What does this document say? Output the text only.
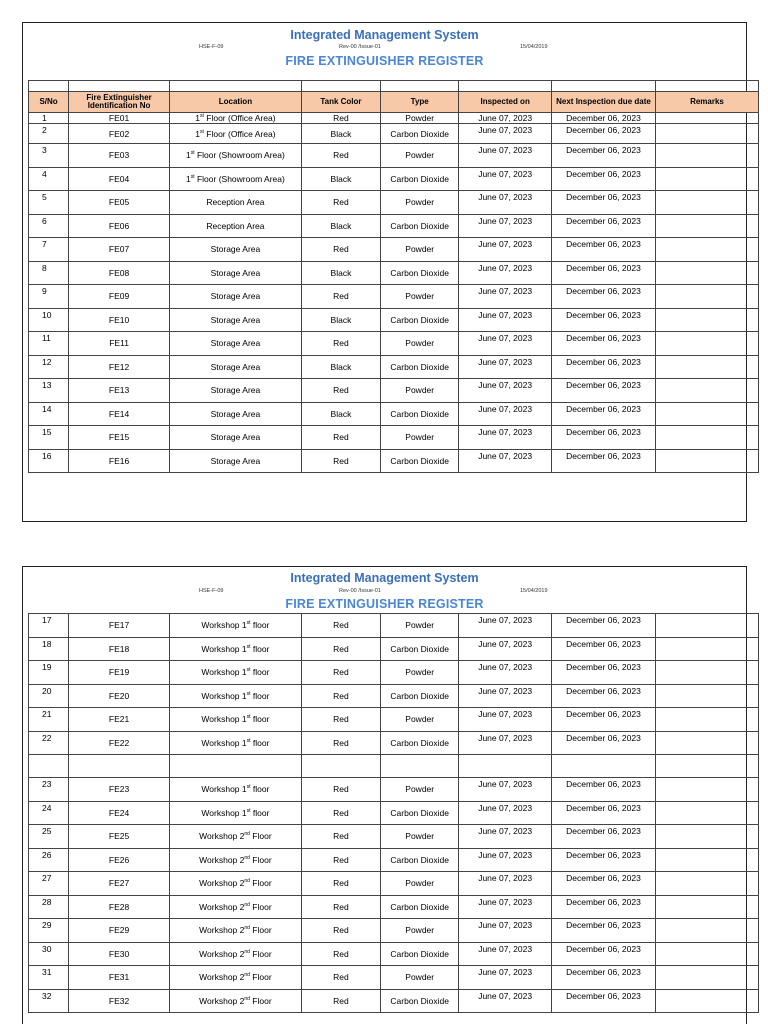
Integrated Management System
HSE-F-09	Rev-00 /Issue-01	15/04/2019
FIRE EXTINGUISHER REGISTER

S/No	Fire Extinguisher Identification No	Location	Tank Color	Type	Inspected on	Next Inspection due date	Remarks
1	FE01	1st Floor (Office Area)	Red	Powder	June 07, 2023	December 06, 2023	
2	FE02	1st Floor (Office Area)	Black	Carbon Dioxide	June 07, 2023	December 06, 2023	
3	FE03	1st Floor (Showroom Area)	Red	Powder	June 07, 2023	December 06, 2023	
4	FE04	1st Floor (Showroom Area)	Black	Carbon Dioxide	June 07, 2023	December 06, 2023	
5	FE05	Reception Area	Red	Powder	June 07, 2023	December 06, 2023	
6	FE06	Reception Area	Black	Carbon Dioxide	June 07, 2023	December 06, 2023	
7	FE07	Storage Area	Red	Powder	June 07, 2023	December 06, 2023	
8	FE08	Storage Area	Black	Carbon Dioxide	June 07, 2023	December 06, 2023	
9	FE09	Storage Area	Red	Powder	June 07, 2023	December 06, 2023	
10	FE10	Storage Area	Black	Carbon Dioxide	June 07, 2023	December 06, 2023	
11	FE11	Storage Area	Red	Powder	June 07, 2023	December 06, 2023	
12	FE12	Storage Area	Black	Carbon Dioxide	June 07, 2023	December 06, 2023	
13	FE13	Storage Area	Red	Powder	June 07, 2023	December 06, 2023	
14	FE14	Storage Area	Black	Carbon Dioxide	June 07, 2023	December 06, 2023	
15	FE15	Storage Area	Red	Powder	June 07, 2023	December 06, 2023	
16	FE16	Storage Area	Red	Carbon Dioxide	June 07, 2023	December 06, 2023	
Integrated Management System
HSE-F-09	Rev-00 /Issue-01	15/04/2019
FIRE EXTINGUISHER REGISTER
17	FE17	Workshop 1st floor	Red	Powder	June 07, 2023	December 06, 2023	
18	FE18	Workshop 1st floor	Red	Carbon Dioxide	June 07, 2023	December 06, 2023	
19	FE19	Workshop 1st floor	Red	Powder	June 07, 2023	December 06, 2023	
20	FE20	Workshop 1st floor	Red	Carbon Dioxide	June 07, 2023	December 06, 2023	
21	FE21	Workshop 1st floor	Red	Powder	June 07, 2023	December 06, 2023	
22	FE22	Workshop 1st floor	Red	Carbon Dioxide	June 07, 2023	December 06, 2023	

23	FE23	Workshop 1st floor	Red	Powder	June 07, 2023	December 06, 2023	
24	FE24	Workshop 1st floor	Red	Carbon Dioxide	June 07, 2023	December 06, 2023	
25	FE25	Workshop 2nd Floor	Red	Powder	June 07, 2023	December 06, 2023	
26	FE26	Workshop 2nd Floor	Red	Carbon Dioxide	June 07, 2023	December 06, 2023	
27	FE27	Workshop 2nd Floor	Red	Powder	June 07, 2023	December 06, 2023	
28	FE28	Workshop 2nd Floor	Red	Carbon Dioxide	June 07, 2023	December 06, 2023	
29	FE29	Workshop 2nd Floor	Red	Powder	June 07, 2023	December 06, 2023	
30	FE30	Workshop 2nd Floor	Red	Carbon Dioxide	June 07, 2023	December 06, 2023	
31	FE31	Workshop 2nd Floor	Red	Powder	June 07, 2023	December 06, 2023	
32	FE32	Workshop 2nd Floor	Red	Carbon Dioxide	June 07, 2023	December 06, 2023	
